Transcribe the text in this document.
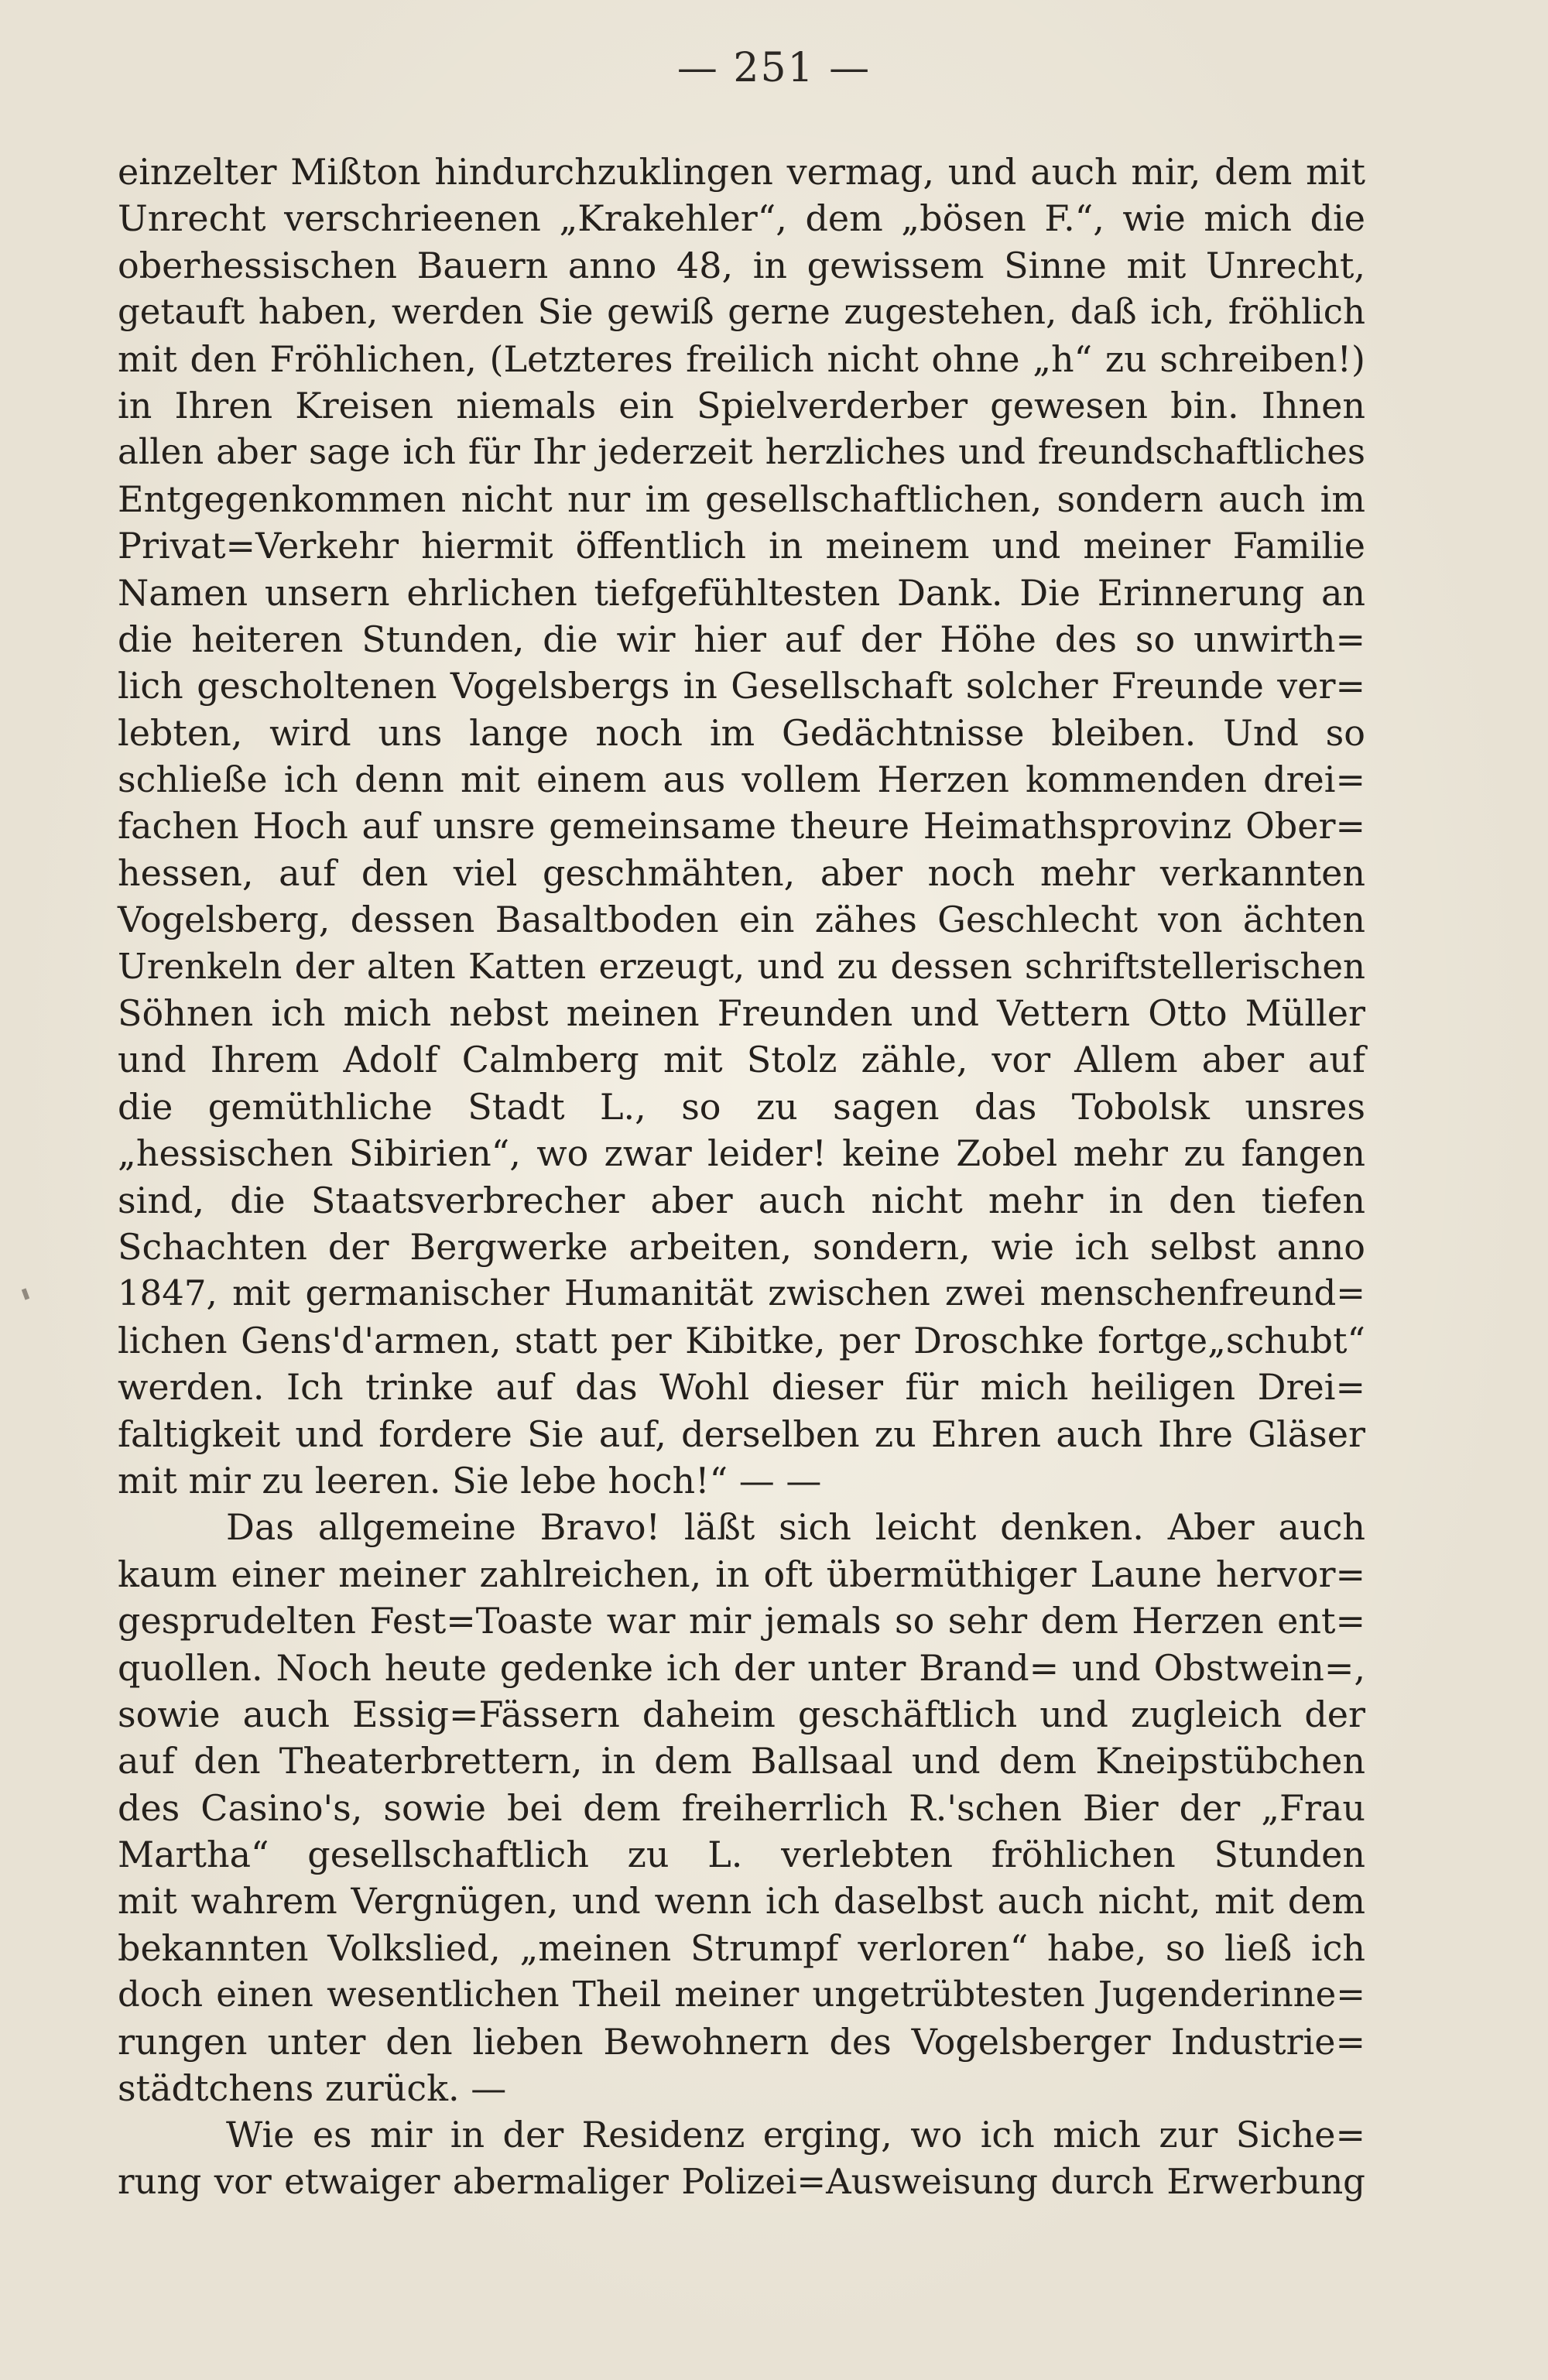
— 251 —
einzelter Mißton hindurchzuklingen vermag, und auch mir, dem mit
Unrecht verschrieenen „Krakehler“, dem „bösen F.“, wie mich die
oberhessischen Bauern anno 48, in gewissem Sinne mit Unrecht,
getauft haben, werden Sie gewiß gerne zugestehen, daß ich, fröhlich
mit den Fröhlichen, (Letzteres freilich nicht ohne „h“ zu schreiben!)
in Ihren Kreisen niemals ein Spielverderber gewesen bin. Ihnen
allen aber sage ich für Ihr jederzeit herzliches und freundschaftliches
Entgegenkommen nicht nur im gesellschaftlichen, sondern auch im
Privat=Verkehr hiermit öffentlich in meinem und meiner Familie
Namen unsern ehrlichen tiefgefühltesten Dank. Die Erinnerung an
die heiteren Stunden, die wir hier auf der Höhe des so unwirth=
lich gescholtenen Vogelsbergs in Gesellschaft solcher Freunde ver=
lebten, wird uns lange noch im Gedächtnisse bleiben. Und so
schließe ich denn mit einem aus vollem Herzen kommenden drei=
fachen Hoch auf unsre gemeinsame theure Heimathsprovinz Ober=
hessen, auf den viel geschmähten, aber noch mehr verkannten
Vogelsberg, dessen Basaltboden ein zähes Geschlecht von ächten
Urenkeln der alten Katten erzeugt, und zu dessen schriftstellerischen
Söhnen ich mich nebst meinen Freunden und Vettern Otto Müller
und Ihrem Adolf Calmberg mit Stolz zähle, vor Allem aber auf
die gemüthliche Stadt L., so zu sagen das Tobolsk unsres
„hessischen Sibirien“, wo zwar leider! keine Zobel mehr zu fangen
sind, die Staatsverbrecher aber auch nicht mehr in den tiefen
Schachten der Bergwerke arbeiten, sondern, wie ich selbst anno
1847, mit germanischer Humanität zwischen zwei menschenfreund=
lichen Gens'd'armen, statt per Kibitke, per Droschke fortge„schubt“
werden. Ich trinke auf das Wohl dieser für mich heiligen Drei=
faltigkeit und fordere Sie auf, derselben zu Ehren auch Ihre Gläser
mit mir zu leeren. Sie lebe hoch!“ — —
Das allgemeine Bravo! läßt sich leicht denken. Aber auch
kaum einer meiner zahlreichen, in oft übermüthiger Laune hervor=
gesprudelten Fest=Toaste war mir jemals so sehr dem Herzen ent=
quollen. Noch heute gedenke ich der unter Brand= und Obstwein=,
sowie auch Essig=Fässern daheim geschäftlich und zugleich der
auf den Theaterbrettern, in dem Ballsaal und dem Kneipstübchen
des Casino's, sowie bei dem freiherrlich R.'schen Bier der „Frau
Martha“ gesellschaftlich zu L. verlebten fröhlichen Stunden
mit wahrem Vergnügen, und wenn ich daselbst auch nicht, mit dem
bekannten Volkslied, „meinen Strumpf verloren“ habe, so ließ ich
doch einen wesentlichen Theil meiner ungetrübtesten Jugenderinne=
rungen unter den lieben Bewohnern des Vogelsberger Industrie=
städtchens zurück. —
Wie es mir in der Residenz erging, wo ich mich zur Siche=
rung vor etwaiger abermaliger Polizei=Ausweisung durch Erwerbung
